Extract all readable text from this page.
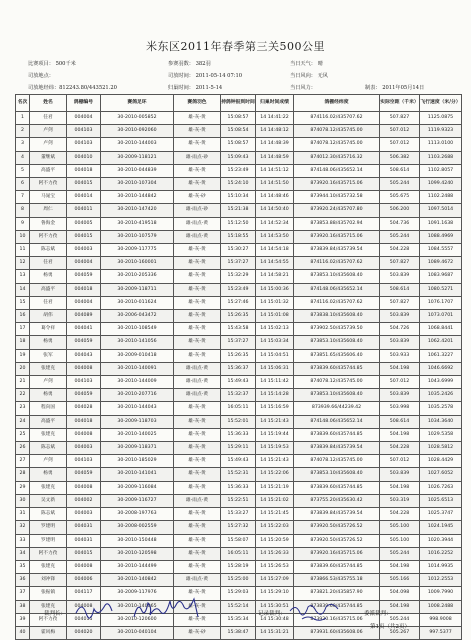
米东区2011年春季第三关500公里
比赛项目： 500千米
司放地点：
司放地经纬：812243.80/443521.20
参赛羽数： 382羽
司放时间： 2011-05-14 07:10
归巢时间： 2011-5-14
当日天气： 晴
当日风向： 无风
当日风力：	制表： 2011年05月14日
名次	姓名	鸽棚编号	赛鸽足环	赛鸽羽色	持鸽钟报到时间	归巢时间成绩	鸽棚经纬度	实际空距（千米）	飞行速度（米/分）
1	任君	004004	30-2010-005852	雄-灰-黄	15:08:57	14 14:41:22	874116.02/435707.62	507.827	1125.0875
2	卢剑	004103	30-2010-092060	雄-灰-黄	15:08:54	14 14:48:12	874078.12/435745.00	507.012	1119.9323
3	卢剑	004103	30-2010-144003	雄-灰-黄	15:08:57	14 14:48:39	874078.12/435745.00	507.012	1113.0100
4	董继斌	004010	30-2009-118121	雄-雨点-砂	15:09:43	14 14:48:59	874012.30/435716.32	506.382	1103.2688
5	高盛平	004018	30-2010-044839	雄-灰-黄	15:23:49	14 14:51:12	874148.06/435652.14	508.614	1102.8057
6	阿不力孜	004015	30-2010-107304	雄-灰-黄	15:24:10	14 14:51:50	873920.16/435715.06	505.244	1099.4240
7	马晁宝	004014	30-2010-144842	雄-灰-砂	15:10:34	14 14:48:46	873944.10/435732.58	505.675	1102.2488
8	周仁	004011	30-2010-147420	雄-雨点-砂	15:21:38	14 14:50:40	873920.24/435707.80	506.200	1097.5014
9	鲁海金	004005	30-2010-419518	雄-雨点-黄	15:12:50	14 14:52:34	873853.88/435702.94	504.736	1091.1638
10	阿不力孜	004015	30-2010-107579	雄-雨点-黄	15:18:55	14 14:53:50	873920.16/435715.06	505.244	1088.4969
11	陈志斌	004003	30-2009-117775	雄-灰-黄	15:30:27	14 14:54:18	873839.84/435739.54	504.228	1084.5557
12	任君	004004	30-2010-160001	雄-灰-黄	15:37:27	14 14:54:55	874116.02/435707.62	507.827	1089.4672
13	杨勇	004059	30-2010-205336	雄-灰-黄	15:32:29	14 14:58:21	873853.10/435608.40	503.839	1083.9687
14	高盛平	004018	30-2009-118711	雄-灰-黄	15:23:49	14 15:00:36	874148.06/435652.14	508.614	1080.5271
15	任君	004004	30-2010-011624	雄-灰-黄	15:27:46	14 15:01:32	874116.02/435707.62	507.827	1076.1707
16	胡伟	004089	30-2006-043472	雄-灰-黄	15:26:35	14 15:01:08	873838.10/435608.40	503.839	1073.0701
17	葛令祥	004041	30-2010-108549	雄-灰-黄	15:43:58	14 15:02:13	873902.50/435739.50	504.726	1068.8441
18	杨勇	004059	30-2010-141056	雄-灰-黄	15:37:27	14 15:03:34	873853.10/435608.40	503.839	1062.4201
19	张军	004043	30-2009-010418	雄-灰-黄	15:26:35	14 15:04:51	873851.65/435606.40	503.933	1061.3227
20	张建克	004008	30-2010-140091	雄-雨点-黄	15:36:37	14 15:06:31	873839.60/435744.85	504.198	1046.6692
21	卢剑	004103	30-2010-144009	雄-雨点-黄	15:49:43	14 15:11:42	874078.12/435745.00	507.012	1043.6999
22	杨勇	004059	30-2010-207716	雄-雨点-黄	15:32:37	14 15:14:28	873853.10/435608.40	503.839	1035.2426
23	程向国	004028	30-2010-144043	雄-灰-黄	16:05:11	14 15:16:59	873939.66/44239.42	503.998	1035.2578
24	高盛平	004018	30-2009-118703	雄-灰-黄	15:52:01	14 15:21:43	874148.06/435652.14	508.614	1034.3640
25	张建克	004008	30-2010-140025	雄-灰-黄	15:36:33	14 15:19:44	873839.60/435744.85	504.198	1029.5358
26	陈志斌	004003	30-2009-118371	雄-灰-黄	15:29:11	14 15:19:53	873839.84/435739.54	504.228	1028.5812
27	卢剑	004103	30-2010-185029	雄-灰-黄	15:49:43	14 15:21:43	874078.12/435745.00	507.012	1028.4429
28	杨勇	004059	30-2010-141041	雄-灰-黄	15:52:31	14 15:22:06	873853.10/435608.40	503.839	1027.6052
29	张建克	004008	30-2009-116084	雄-灰-黄	15:36:33	14 15:21:19	873839.60/435744.85	504.198	1026.7263
30	吴文新	004002	30-2009-116727	雄-雨点-黄	15:22:51	14 15:21:02	873755.20/435630.42	503.319	1025.6513
31	陈志斌	004003	30-2008-197763	雄-灰-黄	15:33:27	14 15:21:45	873839.84/435739.54	504.228	1025.3747
32	罗建明	004031	30-2008-002559	雄-灰-黄	15:27:32	14 15:22:03	873920.50/435726.52	505.100	1024.1945
33	罗建明	004031	30-2010-150448	雄-灰-黄	15:58:07	14 15:20:59	873920.50/435726.52	505.100	1020.3944
34	阿不力孜	004015	30-2010-120598	雄-灰-黄	16:05:11	14 15:26:33	873920.16/435715.06	505.244	1016.2252
35	张建克	004008	30-2010-144499	雄-灰-黄	15:28:19	14 15:26:53	873839.60/435744.85	504.198	1014.9935
36	刘冲锋	004006	30-2010-140842	雄-雨点-黄	15:25:00	14 15:27:09	873866.53/435755.18	505.166	1012.2553
37	张振镇	004117	30-2009-117976	雄-灰-黄	15:29:03	14 15:29:10	873821.20/435857.90	504.098	1009.7990
38	张建克	004008	30-2010-140065	雄-灰-黄	15:52:14	14 15:30:51	873839.60/435744.85	504.198	1008.2488
39	阿不力孜	004015	30-2010-120600	雄-灰-黄	15:35:34	14 15:30:48	873920.16/435715.06	505.244	998.9008
40	霍风梅	004020	30-2010-040104	雄-灰-砂	15:38:47	14 15:31:21	873931.60/435608.06	505.267	997.5377
裁判长：	记录裁判：	委派裁判：
第1页（共2页）
